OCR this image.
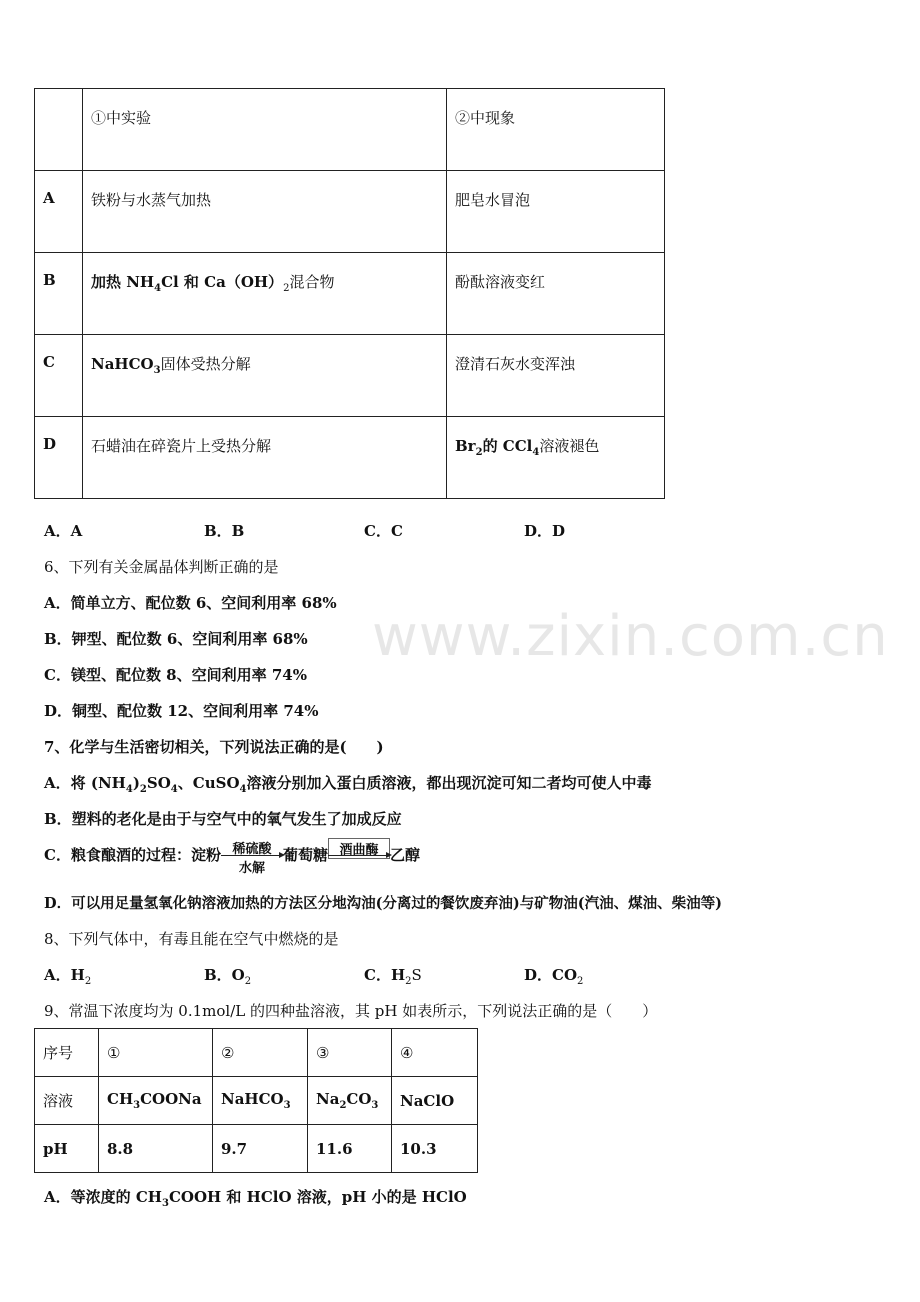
	①中实验	②中现象
A	铁粉与水蒸气加热	肥皂水冒泡
B	加热 $NH_4Cl$ 和 $Ca(OH)_2$混合物	酚酞溶液变红
C	NaHCO$_3$固体受热分解	澄清石灰水变浑浊
D	石蜡油在碎瓷片上受热分解	$Br_2$的 CCl$_4$溶液褪色
A．A	B．B	C．C	D．D
6、下列有关金属晶体判断正确的是
A．简单立方、配位数 6、空间利用率 68%
B．钾型、配位数 6、空间利用率 68%
C．镁型、配位数 8、空间利用率 74%
D．铜型、配位数 12、空间利用率 74%
www.zixin.com.cn
7、化学与生活密切相关，下列说法正确的是(　　)
A．将 $(NH_4)_2SO_4$、CuSO$_4$溶液分别加入蛋白质溶液，都出现沉淀可知二者均可使人中毒
B．塑料的老化是由于与空气中的氧气发生了加成反应
C．粮食酿酒的过程：淀粉 稀硫酸
水解
葡萄糖 酒曲酶 乙醇
D．可以用足量氢氧化钠溶液加热的方法区分地沟油(分离过的餐饮废弃油)与矿物油(汽油、煤油、柴油等)
8、下列气体中，有毒且能在空气中燃烧的是
A．$H_2$	B．$O_2$	C．$H_2S$	D．$CO_2$
9、常温下浓度均为 0.1mol/L 的四种盐溶液，其 pH 如表所示，下列说法正确的是（　　）
序号	①	②	③	④
溶液	$CH_3COONa$	NaHCO$_3$	$Na_2CO_3$	NaClO
pH	8.8	9.7	11.6	10.3
A．等浓度的 $CH_3COOH$ 和 HClO 溶液，pH 小的是 HClO
